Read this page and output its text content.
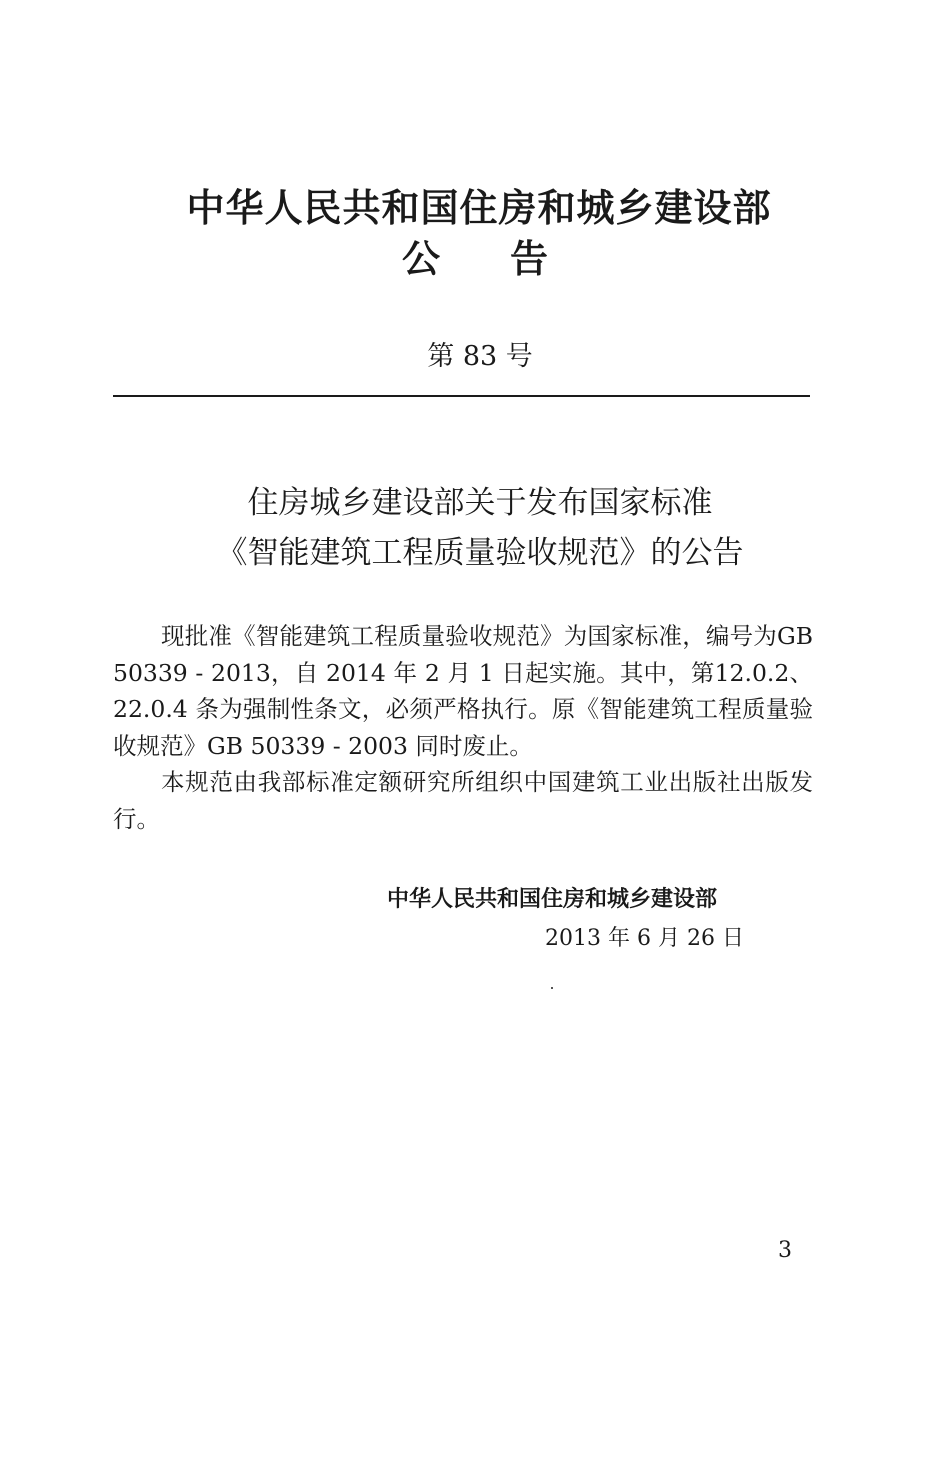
中华人民共和国住房和城乡建设部
公告
第 83 号
住房城乡建设部关于发布国家标准
《智能建筑工程质量验收规范》的公告

现批准《智能建筑工程质量验收规范》为国家标准，编号为GB 50339 - 2013，自 2014 年 2 月 1 日起实施。其中，第12.0.2、22.0.4 条为强制性条文，必须严格执行。原《智能建筑工程质量验收规范》GB 50339 - 2003 同时废止。

本规范由我部标准定额研究所组织中国建筑工业出版社出版发行。

中华人民共和国住房和城乡建设部
2013 年 6 月 26 日
3
